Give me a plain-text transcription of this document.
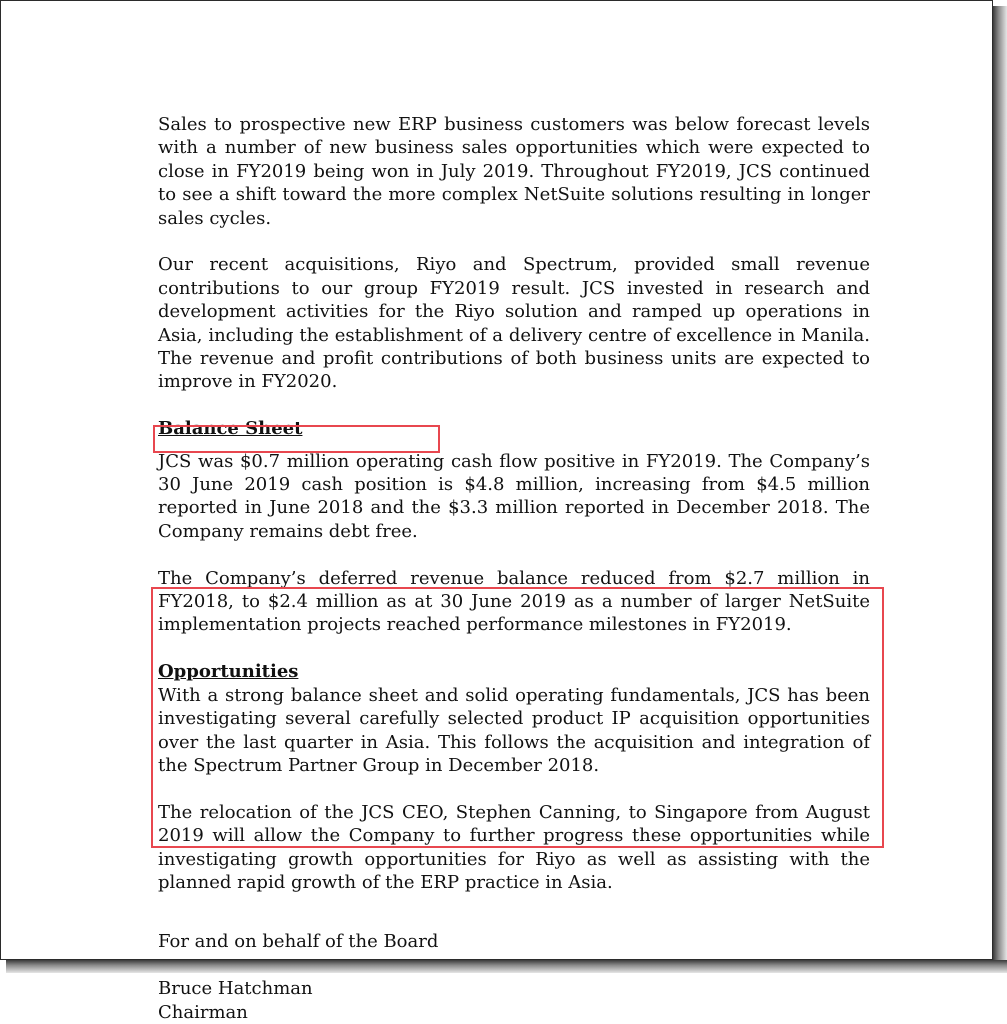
Sales to prospective new ERP business customers was below forecast levels with a number of new business sales opportunities which were expected to close in FY2019 being won in July 2019. Throughout FY2019, JCS continued to see a shift toward the more complex NetSuite solutions resulting in longer sales cycles.

Our recent acquisitions, Riyo and Spectrum, provided small revenue contributions to our group FY2019 result. JCS invested in research and development activities for the Riyo solution and ramped up operations in Asia, including the establishment of a delivery centre of excellence in Manila. The revenue and profit contributions of both business units are expected to improve in FY2020.

Balance Sheet

JCS was $0.7 million operating cash flow positive in FY2019. The Company’s 30 June 2019 cash position is $4.8 million, increasing from $4.5 million reported in June 2018 and the $3.3 million reported in December 2018. The Company remains debt free.

The Company’s deferred revenue balance reduced from $2.7 million in FY2018, to $2.4 million as at 30 June 2019 as a number of larger NetSuite implementation projects reached performance milestones in FY2019.

Opportunities

With a strong balance sheet and solid operating fundamentals, JCS has been investigating several carefully selected product IP acquisition opportunities over the last quarter in Asia. This follows the acquisition and integration of the Spectrum Partner Group in December 2018.

The relocation of the JCS CEO, Stephen Canning, to Singapore from August 2019 will allow the Company to further progress these opportunities while investigating growth opportunities for Riyo as well as assisting with the planned rapid growth of the ERP practice in Asia.

For and on behalf of the Board

Bruce Hatchman

Chairman
